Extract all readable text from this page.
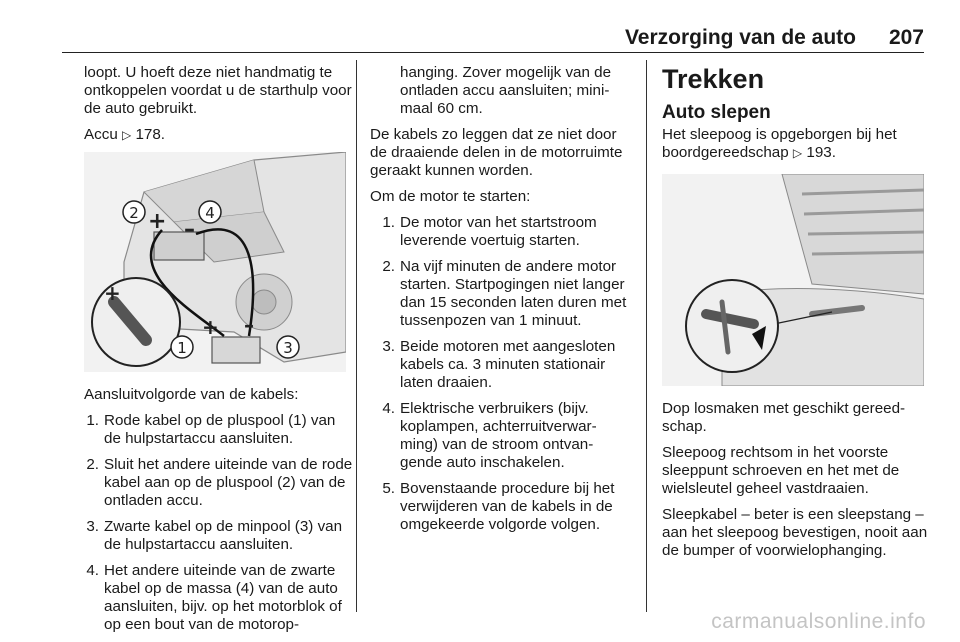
Verzorging van de auto 207

loopt. U hoeft deze niet handmatig te ontkoppelen voordat u de starthulp voor de auto gebruikt.

Accu ▷ 178.

+ –
+ –
+
2	4
1	3

Aansluitvolgorde van de kabels:

1. Rode kabel op de pluspool (1) van de hulpstartaccu aansluiten.
2. Sluit het andere uiteinde van de rode kabel aan op de pluspool (2) van de ontladen accu.
3. Zwarte kabel op de minpool (3) van de hulpstartaccu aansluiten.
4. Het andere uiteinde van de zwarte kabel op de massa (4) van de auto aansluiten, bijv. op het motorblok of op een bout van de motorop-
hanging. Zover mogelijk van de ontladen accu aansluiten; mini-maal 60 cm.

De kabels zo leggen dat ze niet door de draaiende delen in de motorruimte geraakt kunnen worden.

Om de motor te starten:

1. De motor van het startstroom leverende voertuig starten.
2. Na vijf minuten de andere motor starten. Startpogingen niet langer dan 15 seconden laten duren met tussenpozen van 1 minuut.
3. Beide motoren met aangesloten kabels ca. 3 minuten stationair laten draaien.
4. Elektrische verbruikers (bijv. koplampen, achterruitverwar-ming) van de stroom ontvan-gende auto inschakelen.
5. Bovenstaande procedure bij het verwijderen van de kabels in de omgekeerde volgorde volgen.
Trekken
Auto slepen

Het sleepoog is opgeborgen bij het boordgereedschap ▷ 193.

Dop losmaken met geschikt gereed-schap.

Sleepoog rechtsom in het voorste sleeppunt schroeven en het met de wielsleutel geheel vastdraaien.

Sleepkabel – beter is een sleepstang – aan het sleepoog bevestigen, nooit aan de bumper of voorwielophanging.

carmanualsonline.info
